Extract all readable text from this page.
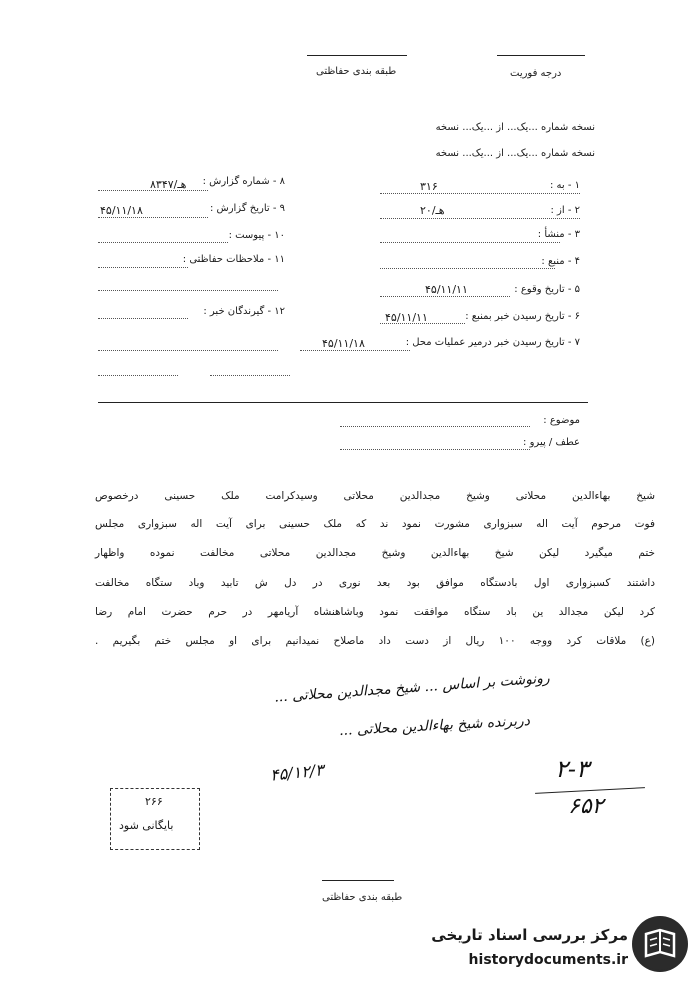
طبقه بندی حفاظتی	درجه فوریت
نسخه شماره ...یک... از ...یک... نسخه
نسخه شماره ...یک... از ...یک... نسخه
۱ - به :
۳۱۶
۲ - از :
۲۰/هـ
۳ - منشأ :
۴ - منبع :
۵ - تاریخ وقوع :
۴۵/۱۱/۱۱
۶ - تاریخ رسیدن خبر بمنبع :
۴۵/۱۱/۱۱
۷ - تاریخ رسیدن خبر درمیر عملیات محل :
۴۵/۱۱/۱۸
۸ - شماره گزارش :
۸۳۴۷/هـ
۹ - تاریخ گزارش :
۴۵/۱۱/۱۸
۱۰ - پیوست :
۱۱ - ملاحظات حفاظتی :
۱۲ - گیرندگان خبر :
موضوع :
عطف / پیرو :
شیخ بهاءالدین محلاتی وشیخ مجدالدین محلاتی وسیدکرامت ملک حسینی درخصوص
فوت مرحوم آیت اله سبزواری مشورت نمود ند که ملک حسینی برای آیت اله سبزواری مجلس
ختم میگیرد لیکن شیخ بهاءالدین وشیخ مجدالدین محلاتی مخالفت نموده واظهار
داشتند کسبزواری اول بادستگاه موافق بود بعد نوری در دل ش تابید وباد ستگاه مخالفت
کرد لیکن مجدالد ین باد ستگاه موافقت نمود وباشاهنشاه آریامهر در حرم حضرت امام رضا
(ع) ملاقات کرد ووجه ۱۰۰ ریال از دست داد ماصلاح نمیدانیم برای او مجلس ختم بگیریم .
رونوشت بر اساس ... شیخ مجدالدین محلاتی ...
دربرنده شیخ بهاءالدین محلاتی ...
۴۵/۱۲/۳	۲-۳
۶۵۲
۲۶۶
بایگانی شود
طبقه بندی حفاظتی
مرکز بررسی اسناد تاریخی
historydocuments.ir
